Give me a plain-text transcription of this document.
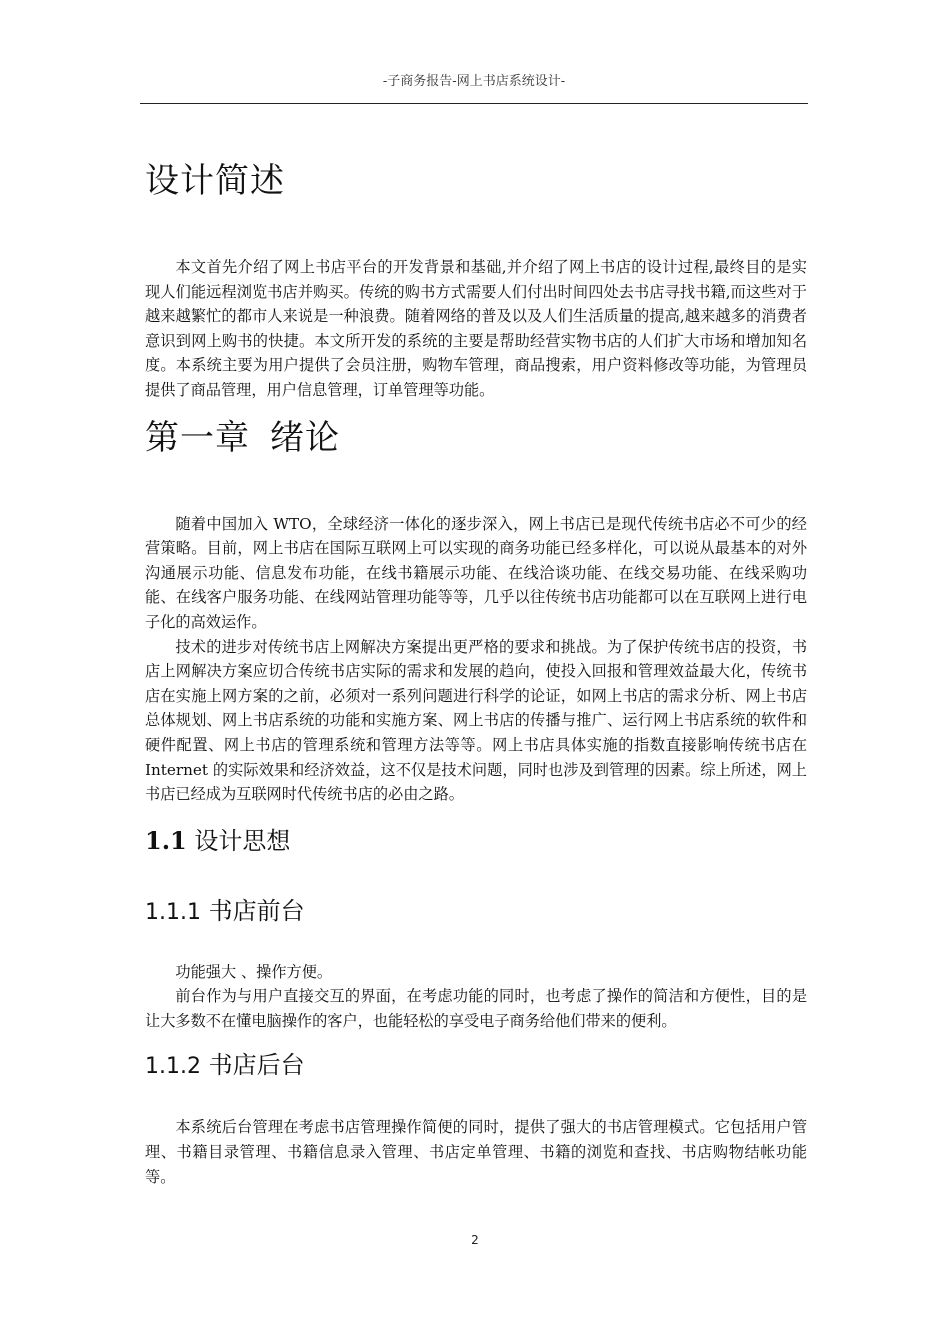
-子商务报告-网上书店系统设计-
设计简述

本文首先介绍了网上书店平台的开发背景和基础,并介绍了网上书店的设计过程,最终目的是实现人们能远程浏览书店并购买。传统的购书方式需要人们付出时间四处去书店寻找书籍,而这些对于越来越繁忙的都市人来说是一种浪费。随着网络的普及以及人们生活质量的提高,越来越多的消费者意识到网上购书的快捷。本文所开发的系统的主要是帮助经营实物书店的人们扩大市场和增加知名度。本系统主要为用户提供了会员注册，购物车管理，商品搜索，用户资料修改等功能，为管理员提供了商品管理，用户信息管理，订单管理等功能。

第一章 绪论

随着中国加入 WTO，全球经济一体化的逐步深入，网上书店已是现代传统书店必不可少的经营策略。目前，网上书店在国际互联网上可以实现的商务功能已经多样化，可以说从最基本的对外沟通展示功能、信息发布功能，在线书籍展示功能、在线洽谈功能、在线交易功能、在线采购功能、在线客户服务功能、在线网站管理功能等等，几乎以往传统书店功能都可以在互联网上进行电子化的高效运作。

技术的进步对传统书店上网解决方案提出更严格的要求和挑战。为了保护传统书店的投资，书店上网解决方案应切合传统书店实际的需求和发展的趋向，使投入回报和管理效益最大化，传统书店在实施上网方案的之前，必须对一系列问题进行科学的论证，如网上书店的需求分析、网上书店总体规划、网上书店系统的功能和实施方案、网上书店的传播与推广、运行网上书店系统的软件和硬件配置、网上书店的管理系统和管理方法等等。网上书店具体实施的指数直接影响传统书店在 Internet 的实际效果和经济效益，这不仅是技术问题，同时也涉及到管理的因素。综上所述，网上书店已经成为互联网时代传统书店的必由之路。

1.1 设计思想
1.1.1 书店前台

功能强大 、操作方便。

前台作为与用户直接交互的界面，在考虑功能的同时，也考虑了操作的简洁和方便性，目的是让大多数不在懂电脑操作的客户，也能轻松的享受电子商务给他们带来的便利。

1.1.2 书店后台

本系统后台管理在考虑书店管理操作简便的同时，提供了强大的书店管理模式。它包括用户管理、书籍目录管理、书籍信息录入管理、书店定单管理、书籍的浏览和查找、书店购物结帐功能等。

2
